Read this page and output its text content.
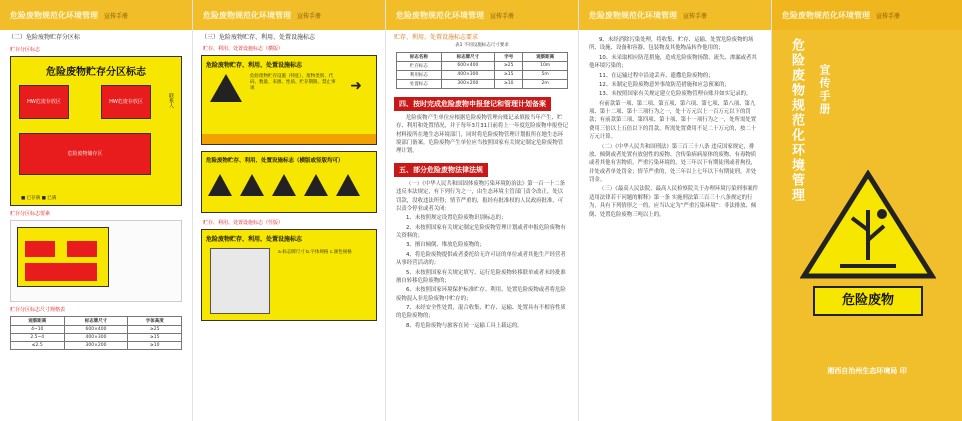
危险废物规范化环境管理 宣传手册
（二）危险废物贮存分区标
贮存分区标志
危险废物贮存分区标志
HW危废存放区	HW危废存放区
危险废物储存区
联系人
■ 已存满 ■ 已满
贮存分区标志要素
贮存分区标志尺寸规格表
观察距离	标志牌尺寸	字体高度
4~10	600×400	≥25
2.5~4	400×300	≥15
≤2.5	300×200	≥10
危险废物规范化环境管理 宣传手册
（三）危险废物贮存、利用、处置设施标志
贮存、利用、处置设施标志（横版）
危险废物贮存、利用、处置设施标志
➜
危险废物贮存设施（特征），废物类别、代码、数量、来源、性质、贮存期限、禁止事项
危险废物贮存、利用、处置设施标志（横版或竖版均可）
贮存、利用、处置设施标志（竖版）
危险废物贮存、利用、处置设施标志
a.标志牌尺寸 b.字体规格 c.颜色规格
危险废物规范化环境管理 宣传手册
贮存、利用、处置设施标志要求
表1 不同设施标志尺寸要求
标志名称	标志牌尺寸	字号	观察距离
贮存标志	600×400	≥25	10m
利用标志	400×300	≥15	5m
处置标志	300×200	≥10	2m
四、按时完成危险废物申报登记和管理计划备案

危险废物产生单位应根据危险废物管理台账记录填报当年产生、贮存、利用和处置情况，并于每年3月31日前将上一年度危险废物申报登记材料报所在地生态环境部门，同时将危险废物管理计划报所在地生态环境部门备案。危险废物产生单位应当按照国家有关规定制定危险废物管理计划。

五、部分危险废物法律法规

（一）《中华人民共和国固体废物污染环境防治法》第一百一十二条违反本法规定，有下列行为之一，由生态环境主管部门责令改正，处以罚款，没收违法所得；情节严重的，报经有批准权的人民政府批准，可以责令停业或者关闭：

1、未按照规定设置危险废物识别标志的；

2、未按照国家有关规定制定危险废物管理计划或者申报危险废物有关资料的；

3、擅自倾倒、堆放危险废物的；

4、将危险废物提供或者委托给无许可证的单位或者其他生产经营者从事经营活动的；

5、未按照国家有关规定填写、运行危险废物转移联单或者未经批准擅自转移危险废物的；

6、未按照国家环境保护标准贮存、利用、处置危险废物或者将危险废物混入非危险废物中贮存的；

7、未经安全性处置，混合收集、贮存、运输、处置具有不相容性质的危险废物的；

8、将危险废物与旅客在同一运输工具上载运的。

危险废物规范化环境管理 宣传手册

9、未经消除污染处理，将收集、贮存、运输、处置危险废物的场所、设施、设备和容器、包装物及其他物品转作他用的；

10、未采取相应防范措施，造成危险废物扬散、流失、渗漏或者其他环境污染的；

11、在运输过程中沿途丢弃、遗撒危险废物的；

12、未制定危险废物意外事故防范措施和应急预案的；

13、未按照国家有关规定建立危险废物管理台账并如实记录的。

有前款第一项、第二项、第五项、第六项、第七项、第八项、第九项、第十二项、第十三项行为之一，处十万元以上一百万元以下的罚款；有前款第三项、第四项、第十项、第十一项行为之一，处所需处置费用三倍以上五倍以下的罚款，所需处置费用不足二十万元的，按二十万元计算。

（二）《中华人民共和国刑法》第三百三十八条 违反国家规定，排放、倾倒或者处置有放射性的废物、含传染病病原体的废物、有毒物质或者其他有害物质，严重污染环境的，处三年以下有期徒刑或者拘役，并处或者单处罚金；情节严重的，处三年以上七年以下有期徒刑，并处罚金。

（三）《最高人民法院、最高人民检察院关于办理环境污染刑事案件适用法律若干问题的解释》第一条 实施刑法第三百三十八条规定的行为，具有下列情形之一的，应当认定为“严重污染环境”：非法排放、倾倒、处置危险废物三吨以上的。

危险废物规范化环境管理 宣传手册
危险废物规范化环境管理 宣传手册
危险废物
湘西自治州生态环境局 印
